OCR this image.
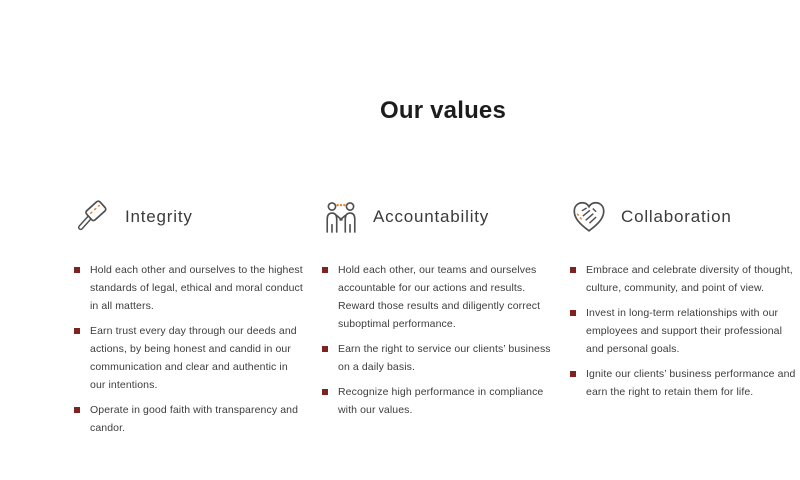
Our values
Integrity
Hold each other and ourselves to the highest standards of legal, ethical and moral conduct in all matters.
Earn trust every day through our deeds and actions, by being honest and candid in our communication and clear and authentic in our intentions.
Operate in good faith with transparency and candor.
Accountability
Hold each other, our teams and ourselves accountable for our actions and results. Reward those results and diligently correct suboptimal performance.
Earn the right to service our clients’ business on a daily basis.
Recognize high performance in compliance with our values.
Collaboration
Embrace and celebrate diversity of thought, culture, community, and point of view.
Invest in long-term relationships with our employees and support their professional and personal goals.
Ignite our clients’ business performance and earn the right to retain them for life.
